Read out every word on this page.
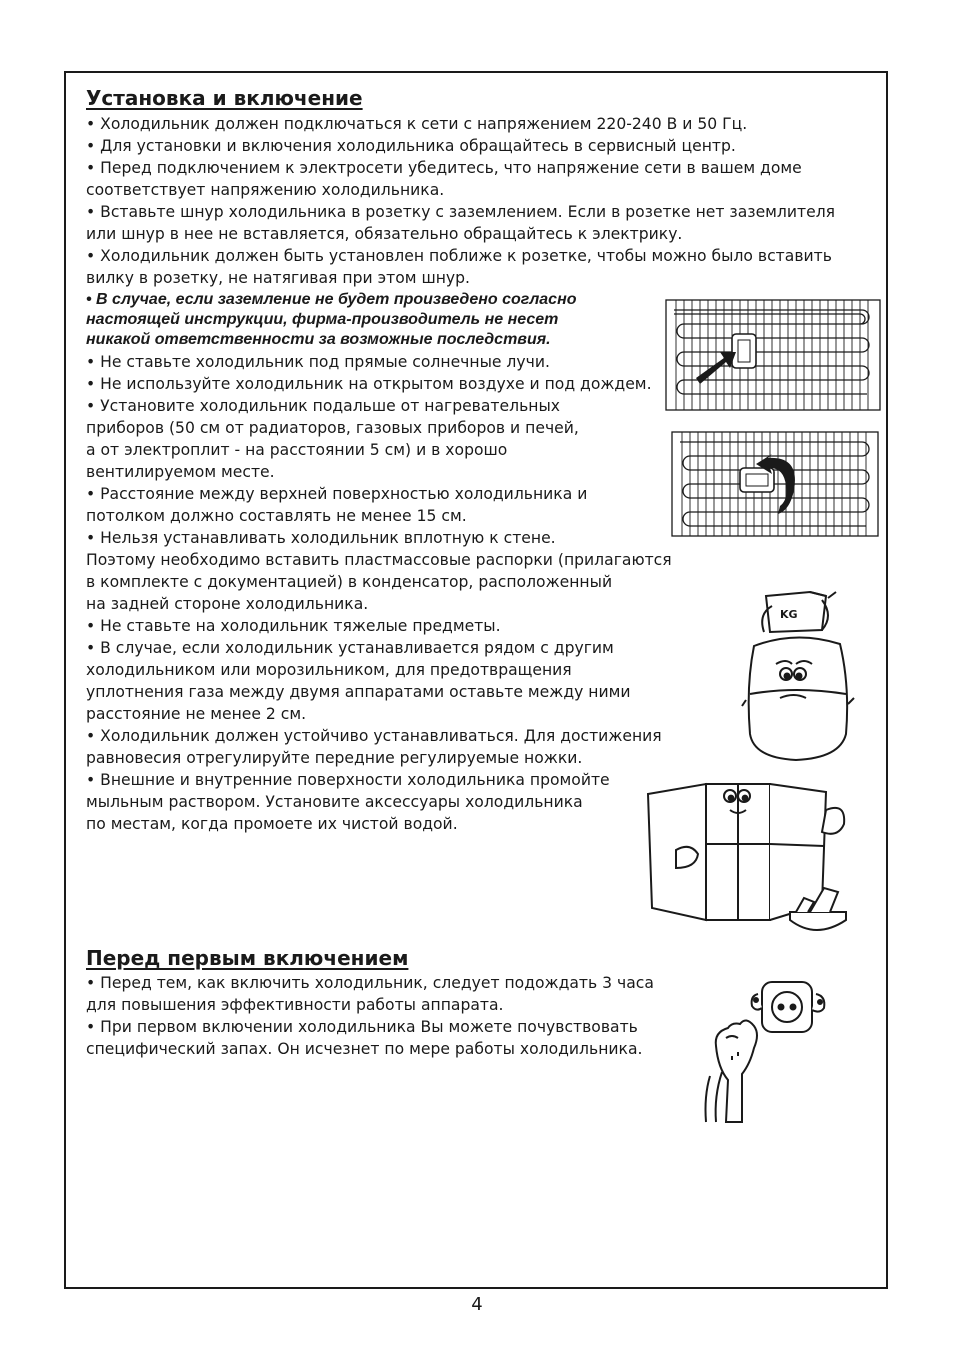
Установка и включение

• Холодильник должен подключаться к сети с напряжением 220-240 В и 50 Гц.

• Для установки и включения холодильника обращайтесь в сервисный центр.

• Перед подключением к электросети убедитесь, что напряжение сети в вашем доме

соответствует напряжению холодильника.

• Вставьте шнур холодильника в розетку с заземлением. Если в розетке нет заземлителя

или шнур в нее не вставляется, обязательно обращайтесь к электрику.

• Холодильник должен быть установлен поближе к розетке, чтобы можно было вставить

вилку в розетку, не натягивая при этом шнур.

• В случае, если заземление не будет произведено согласно

настоящей инструкции, фирма-производитель не несет

никакой ответственности за возможные последствия.

• Не ставьте холодильник под прямые солнечные лучи.

• Не используйте холодильник на открытом воздухе и под дождем.

• Установите холодильник подальше от нагревательных

приборов (50 см от радиаторов, газовых приборов и печей,

а от электроплит - на расстоянии 5 см) и в хорошо

вентилируемом месте.

• Расстояние между верхней поверхностью холодильника и

потолком должно составлять не менее 15 см.

• Нельзя устанавливать холодильник вплотную к стене.

Поэтому необходимо вставить пластмассовые распорки (прилагаются

в комплекте с документацией) в конденсатор, расположенный

на задней стороне холодильника.

• Не ставьте на холодильник тяжелые предметы.

• В случае, если холодильник устанавливается рядом с другим

холодильником или морозильником, для предотвращения

уплотнения газа между двумя аппаратами оставьте между ними

расстояние не менее 2 см.

• Холодильник должен устойчиво устанавливаться. Для достижения

равновесия отрегулируйте передние регулируемые ножки.

• Внешние и внутренние поверхности холодильника промойте

мыльным раствором. Установите аксессуары холодильника

по местам, когда промоете их чистой водой.

Перед первым включением

• Перед тем, как включить холодильник, следует подождать 3 часа

для повышения эффективности работы аппарата.

• При первом включении холодильника Вы можете почувствовать

специфический запах. Он исчезнет по мере работы холодильника.

KG

4
